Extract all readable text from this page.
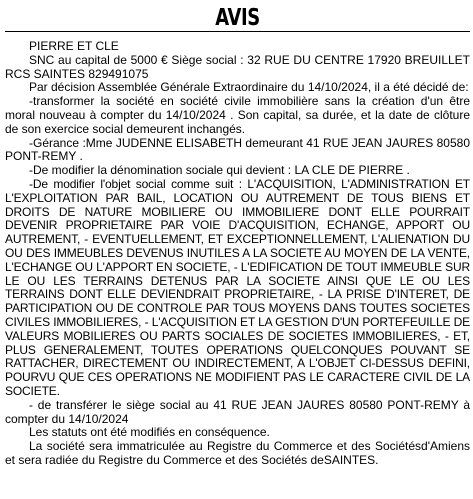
AVIS

PIERRE ET CLE

SNC au capital de 5000 € Siège social : 32 RUE DU CENTRE 17920 BREUILLET RCS SAINTES 829491075

Par décision Assemblée Générale Extraordinaire du 14/10/2024, il a été décidé de:

-transformer la société en société civile immobilière sans la création d'un être moral nouveau à compter du 14/10/2024 . Son capital, sa durée, et la date de clôture de son exercice social demeurent inchangés.

-Gérance :Mme JUDENNE ELISABETH demeurant 41 RUE JEAN JAURES 80580 PONT-REMY .

-De modifier la dénomination sociale qui devient : LA CLE DE PIERRE .

-De modifier l'objet social comme suit : L'ACQUISITION, L'ADMINISTRATION ET L'EXPLOITATION PAR BAIL, LOCATION OU AUTREMENT DE TOUS BIENS ET DROITS DE NATURE MOBILIERE OU IMMOBILIERE DONT ELLE POURRAIT DEVENIR PROPRIETAIRE PAR VOIE D'ACQUISITION, ECHANGE, APPORT OU AUTREMENT, - EVENTUELLEMENT, ET EXCEPTIONNELLEMENT, L'ALIENATION DU OU DES IMMEUBLES DEVENUS INUTILES A LA SOCIETE AU MOYEN DE LA VENTE, L'ECHANGE OU L'APPORT EN SOCIETE, - L'EDIFICATION DE TOUT IMMEUBLE SUR LE OU LES TERRAINS DETENUS PAR LA SOCIETE AINSI QUE LE OU LES TERRAINS DONT ELLE DEVIENDRAIT PROPRIETAIRE, - LA PRISE D'INTERET, DE PARTICIPATION OU DE CONTROLE PAR TOUS MOYENS DANS TOUTES SOCIETES CIVILES IMMOBILIERES, - L'ACQUISITION ET LA GESTION D'UN PORTEFEUILLE DE VALEURS MOBILIERES OU PARTS SOCIALES DE SOCIETES IMMOBILIERES, - ET, PLUS GENERALEMENT, TOUTES OPERATIONS QUELCONQUES POUVANT SE RATTACHER, DIRECTEMENT OU INDIRECTEMENT, A L'OBJET CI-DESSUS DEFINI, POURVU QUE CES OPERATIONS NE MODIFIENT PAS LE CARACTERE CIVIL DE LA SOCIETE.

- de transférer le siège social au 41 RUE JEAN JAURES 80580 PONT-REMY à compter du 14/10/2024

Les statuts ont été modifiés en conséquence.

La société sera immatriculée au Registre du Commerce et des Sociétésd'Amiens et sera radiée du Registre du Commerce et des Sociétés deSAINTES.
